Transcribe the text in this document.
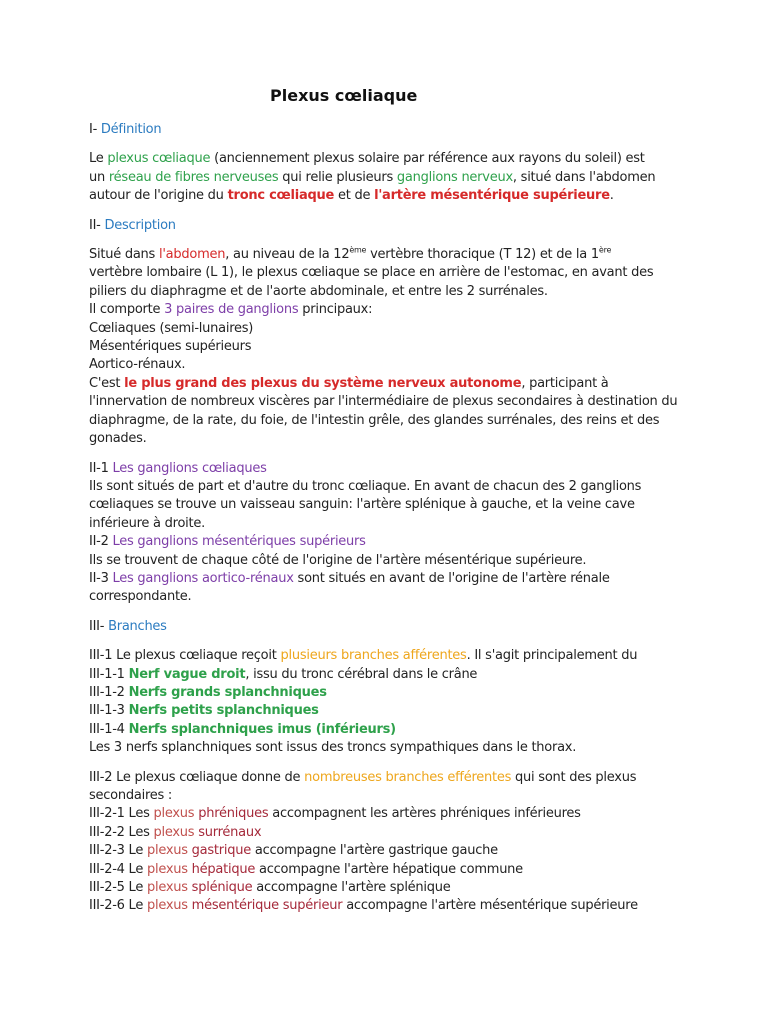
Plexus cœliaque

I- Définition

Le plexus cœliaque (anciennement plexus solaire par référence aux rayons du soleil) est
un réseau de fibres nerveuses qui relie plusieurs ganglions nerveux, situé dans l'abdomen
autour de l'origine du tronc cœliaque et de l'artère mésentérique supérieure.

II- Description

Situé dans l'abdomen, au niveau de la 12ème vertèbre thoracique (T 12) et de la 1ère
vertèbre lombaire (L 1), le plexus cœliaque se place en arrière de l'estomac, en avant des
piliers du diaphragme et de l'aorte abdominale, et entre les 2 surrénales.
Il comporte 3 paires de ganglions principaux:
Cœliaques (semi-lunaires)
Mésentériques supérieurs
Aortico-rénaux.
C'est le plus grand des plexus du système nerveux autonome, participant à
l'innervation de nombreux viscères par l'intermédiaire de plexus secondaires à destination du
diaphragme, de la rate, du foie, de l'intestin grêle, des glandes surrénales, des reins et des
gonades.

II-1 Les ganglions cœliaques
Ils sont situés de part et d'autre du tronc cœliaque. En avant de chacun des 2 ganglions
cœliaques se trouve un vaisseau sanguin: l'artère splénique à gauche, et la veine cave
inférieure à droite.
II-2 Les ganglions mésentériques supérieurs
Ils se trouvent de chaque côté de l'origine de l'artère mésentérique supérieure.
II-3 Les ganglions aortico-rénaux sont situés en avant de l'origine de l'artère rénale
correspondante.

III- Branches

III-1 Le plexus cœliaque reçoit plusieurs branches afférentes. Il s'agit principalement du
III-1-1 Nerf vague droit, issu du tronc cérébral dans le crâne
III-1-2 Nerfs grands splanchniques
III-1-3 Nerfs petits splanchniques
III-1-4 Nerfs splanchniques imus (inférieurs)
Les 3 nerfs splanchniques sont issus des troncs sympathiques dans le thorax.

III-2 Le plexus cœliaque donne de nombreuses branches efférentes qui sont des plexus
secondaires :
III-2-1 Les plexus phréniques accompagnent les artères phréniques inférieures
III-2-2 Les plexus surrénaux
III-2-3 Le plexus gastrique accompagne l'artère gastrique gauche
III-2-4 Le plexus hépatique accompagne l'artère hépatique commune
III-2-5 Le plexus splénique accompagne l'artère splénique
III-2-6 Le plexus mésentérique supérieur accompagne l'artère mésentérique supérieure
